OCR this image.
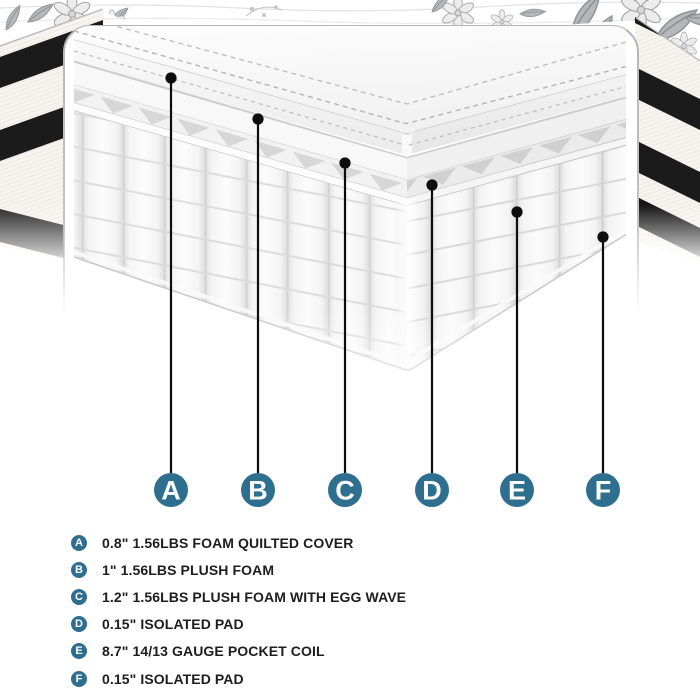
A	B	C	D E	F
A 0.8" 1.56LBS FOAM QUILTED COVER
B 1" 1.56LBS PLUSH FOAM
C 1.2" 1.56LBS PLUSH FOAM WITH EGG WAVE
D 0.15" ISOLATED PAD
E	8.7" 14/13 GAUGE POCKET COIL
F	0.15" ISOLATED PAD
